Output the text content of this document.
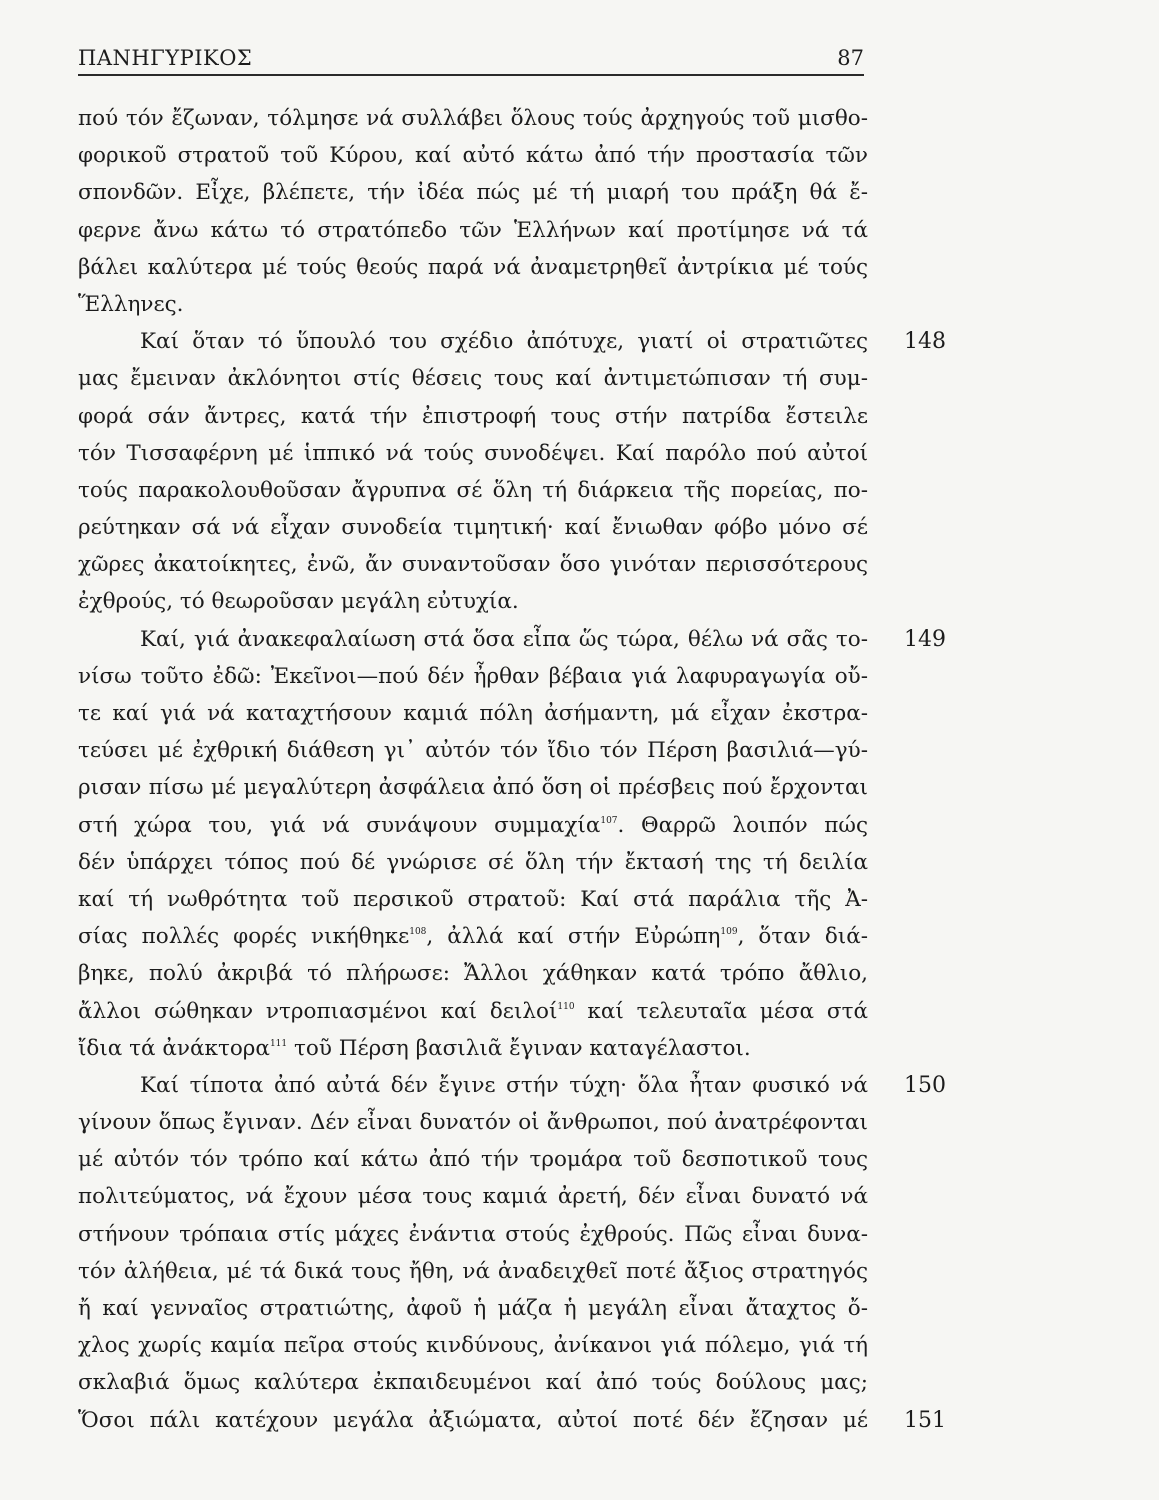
ΠΑΝΗΓΥΡΙΚΟΣ	87
πού τόν ἔζωναν, τόλμησε νά συλλάβει ὅλους τούς ἀρχηγούς τοῦ μισθο-
φορικοῦ στρατοῦ τοῦ Κύρου, καί αὐτό κάτω ἀπό τήν προστασία τῶν
σπονδῶν. Εἶχε, βλέπετε, τήν ἰδέα πώς μέ τή μιαρή του πράξη θά ἔ-
φερνε ἄνω κάτω τό στρατόπεδο τῶν Ἑλλήνων καί προτίμησε νά τά
βάλει καλύτερα μέ τούς θεούς παρά νά ἀναμετρηθεῖ ἀντρίκια μέ τούς
Ἕλληνες.
Καί ὅταν τό ὕπουλό του σχέδιο ἀπότυχε, γιατί οἱ στρατιῶτες 148
μας ἔμειναν ἀκλόνητοι στίς θέσεις τους καί ἀντιμετώπισαν τή συμ-
φορά σάν ἄντρες, κατά τήν ἐπιστροφή τους στήν πατρίδα ἔστειλε
τόν Τισσαφέρνη μέ ἱππικό νά τούς συνοδέψει. Καί παρόλο πού αὐτοί
τούς παρακολουθοῦσαν ἄγρυπνα σέ ὅλη τή διάρκεια τῆς πορείας, πο-
ρεύτηκαν σά νά εἶχαν συνοδεία τιμητική· καί ἔνιωθαν φόβο μόνο σέ
χῶρες ἀκατοίκητες, ἐνῶ, ἄν συναντοῦσαν ὅσο γινόταν περισσότερους
ἐχθρούς, τό θεωροῦσαν μεγάλη εὐτυχία.
Καί, γιά ἀνακεφαλαίωση στά ὅσα εἶπα ὥς τώρα, θέλω νά σᾶς το- 149
νίσω τοῦτο ἐδῶ: Ἐκεῖνοι—πού δέν ἦρθαν βέβαια γιά λαφυραγωγία οὔ-
τε καί γιά νά καταχτήσουν καμιά πόλη ἀσήμαντη, μά εἶχαν ἐκστρα-
τεύσει μέ ἐχθρική διάθεση γι᾿ αὐτόν τόν ἴδιο τόν Πέρση βασιλιά—γύ-
ρισαν πίσω μέ μεγαλύτερη ἀσφάλεια ἀπό ὅση οἱ πρέσβεις πού ἔρχονται
στή χώρα του, γιά νά συνάψουν συμμαχία$^{107}$. Θαρρῶ λοιπόν πώς
δέν ὑπάρχει τόπος πού δέ γνώρισε σέ ὅλη τήν ἔκτασή της τή δειλία
καί τή νωθρότητα τοῦ περσικοῦ στρατοῦ: Καί στά παράλια τῆς Ἀ-
σίας πολλές φορές νικήθηκε$^{108}$, ἀλλά καί στήν Εὐρώπη$^{109}$, ὅταν διά-
βηκε, πολύ ἀκριβά τό πλήρωσε: Ἄλλοι χάθηκαν κατά τρόπο ἄθλιο,
ἄλλοι σώθηκαν ντροπιασμένοι καί δειλοί$^{110}$ καί τελευταῖα μέσα στά
ἴδια τά ἀνάκτορα$^{111}$ τοῦ Πέρση βασιλιᾶ ἔγιναν καταγέλαστοι.
Καί τίποτα ἀπό αὐτά δέν ἔγινε στήν τύχη· ὅλα ἦταν φυσικό νά 150
γίνουν ὅπως ἔγιναν. Δέν εἶναι δυνατόν οἱ ἄνθρωποι, πού ἀνατρέφονται
μέ αὐτόν τόν τρόπο καί κάτω ἀπό τήν τρομάρα τοῦ δεσποτικοῦ τους
πολιτεύματος, νά ἔχουν μέσα τους καμιά ἀρετή, δέν εἶναι δυνατό νά
στήνουν τρόπαια στίς μάχες ἐνάντια στούς ἐχθρούς. Πῶς εἶναι δυνα-
τόν ἀλήθεια, μέ τά δικά τους ἤθη, νά ἀναδειχθεῖ ποτέ ἄξιος στρατηγός
ἤ καί γενναῖος στρατιώτης, ἀφοῦ ἡ μάζα ἡ μεγάλη εἶναι ἄταχτος ὄ-
χλος χωρίς καμία πεῖρα στούς κινδύνους, ἀνίκανοι γιά πόλεμο, γιά τή
σκλαβιά ὅμως καλύτερα ἐκπαιδευμένοι καί ἀπό τούς δούλους μας;
Ὅσοι πάλι κατέχουν μεγάλα ἀξιώματα, αὐτοί ποτέ δέν ἔζησαν μέ 151
